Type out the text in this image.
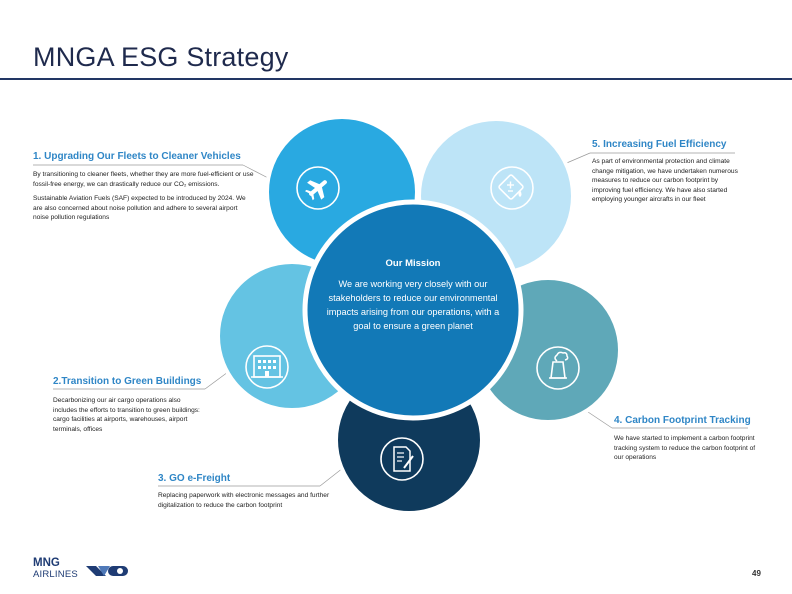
MNGA ESG Strategy
Our Mission
We are working very closely with our stakeholders to reduce our environmental impacts arising from our operations, with a goal to ensure a green planet
1. Upgrading Our Fleets to Cleaner Vehicles

By transitioning to cleaner fleets, whether they are more fuel-efficient or use fossil-free energy, we can drastically reduce our CO₂ emissions.

Sustainable Aviation Fuels (SAF) expected to be introduced by 2024. We are also concerned about noise pollution and adhere to several airport noise pollution regulations

5. Increasing Fuel Efficiency

As part of environmental protection and climate change mitigation, we have undertaken numerous measures to reduce our carbon footprint by improving fuel efficiency. We have also started employing younger aircrafts in our fleet

2.Transition to Green Buildings

Decarbonizing our air cargo operations also includes the efforts to transition to green buildings: cargo facilities at airports, warehouses, airport terminals, offices

4. Carbon Footprint Tracking

We have started to implement a carbon footprint tracking system to reduce the carbon footprint of our operations

3. GO e-Freight

Replacing paperwork with electronic messages and further digitalization to reduce the carbon footprint

MNG
AIRLINES	49
